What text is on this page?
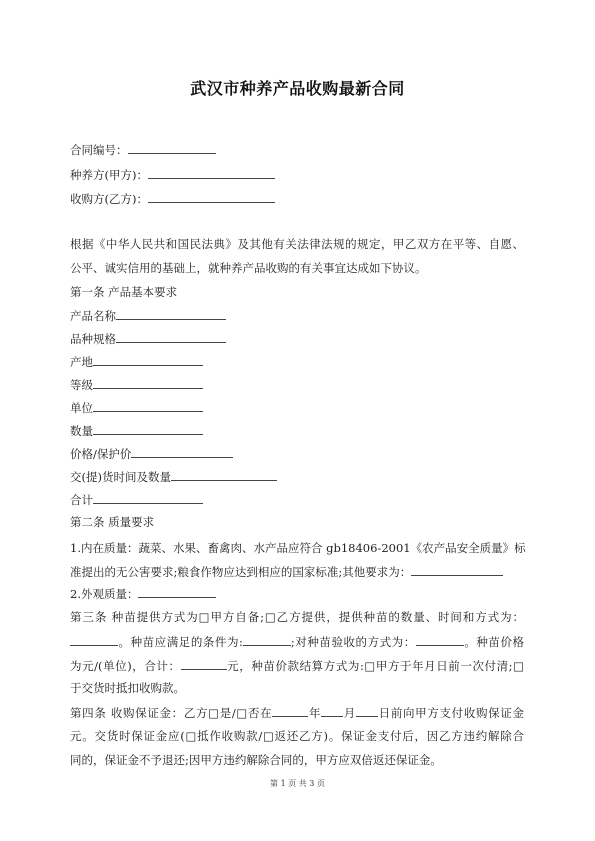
武汉市种养产品收购最新合同
合同编号：
种养方(甲方)：
收购方(乙方)：
根据《中华人民共和国民法典》及其他有关法律法规的规定，甲乙双方在平等、自愿、
公平、诚实信用的基础上，就种养产品收购的有关事宜达成如下协议。
第一条 产品基本要求
产品名称
品种规格
产地
等级
单位
数量
价格/保护价
交(提)货时间及数量
合计
第二条 质量要求
1.内在质量：蔬菜、水果、畜禽肉、水产品应符合 gb18406-2001《农产品安全质量》标
准提出的无公害要求;粮食作物应达到相应的国家标准;其他要求为：
2.外观质量：
第三条 种苗提供方式为□甲方自备;□乙方提供，提供种苗的数量、时间和方式为：
。种苗应满足的条件为:	;对种苗验收的方式为：	。种苗价格
为元/(单位)，合计：	元，种苗价款结算方式为:□甲方于年月日前一次付清;□
于交货时抵扣收购款。
第四条 收购保证金：乙方□是/□否在	年 月 日前向甲方支付收购保证金
元。交货时保证金应(□抵作收购款/□返还乙方)。保证金支付后，因乙方违约解除合
同的，保证金不予退还;因甲方违约解除合同的，甲方应双倍返还保证金。
第 1 页 共 3 页
